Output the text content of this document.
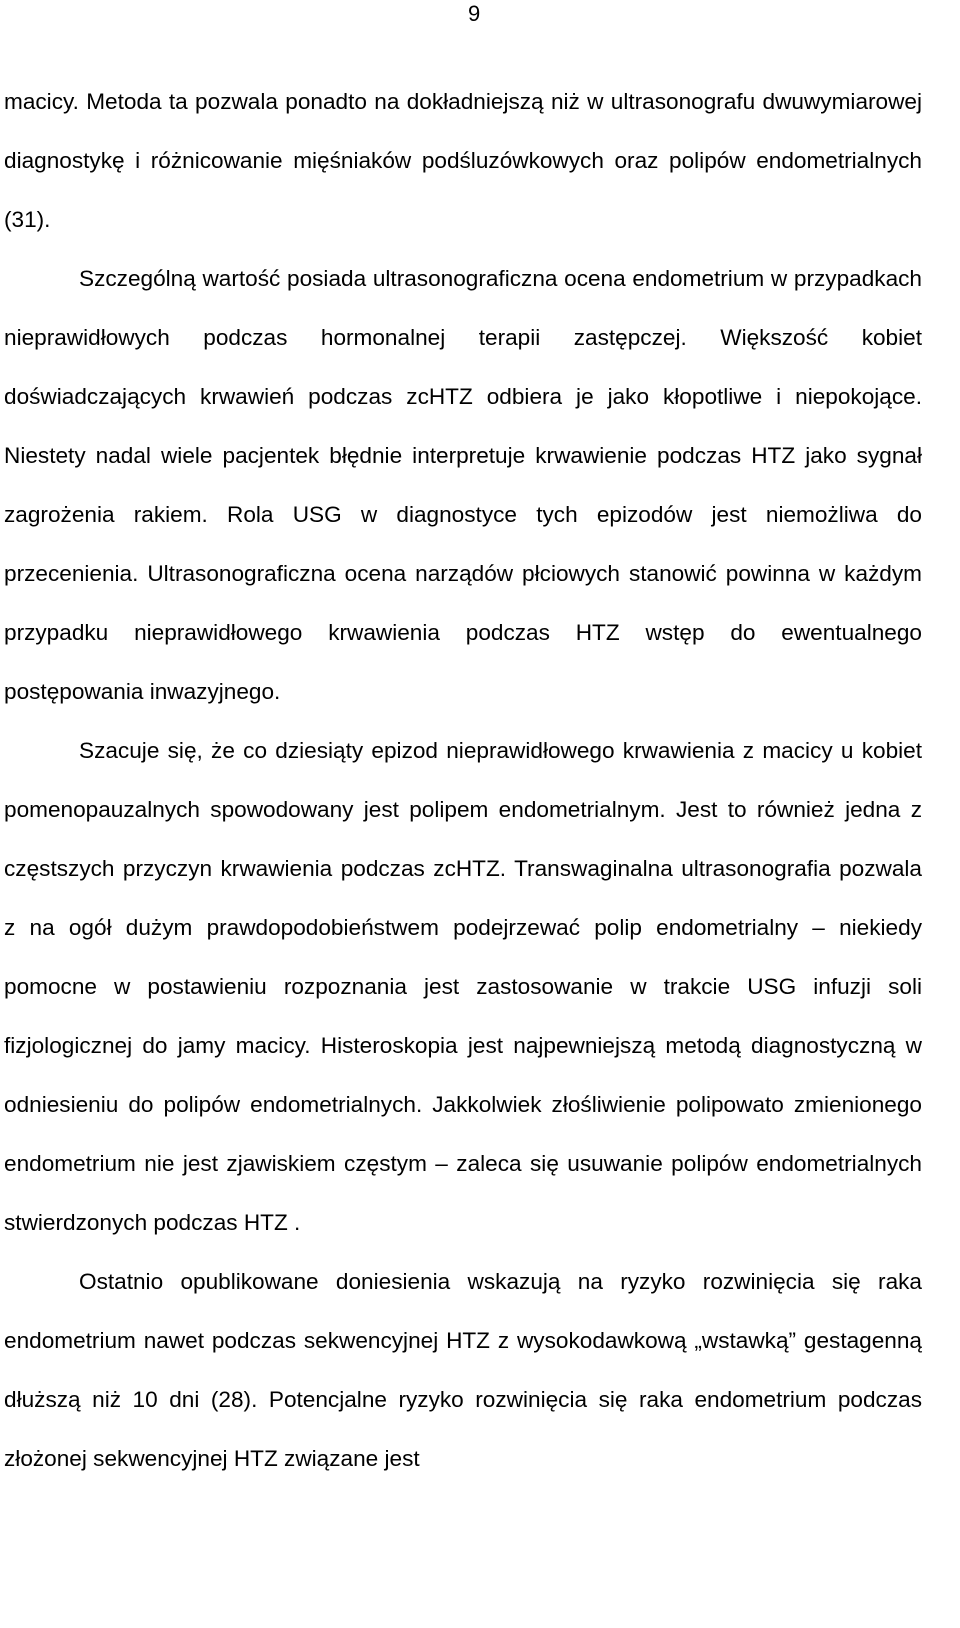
9

macicy. Metoda ta pozwala ponadto na dokładniejszą niż w ultrasonografu dwuwymiarowej diagnostykę i różnicowanie mięśniaków podśluzówkowych oraz polipów endometrialnych (31).

Szczególną wartość posiada ultrasonograficzna ocena endometrium w przypadkach nieprawidłowych podczas hormonalnej terapii zastępczej. Większość kobiet doświadczających krwawień podczas zcHTZ odbiera je jako kłopotliwe i niepokojące. Niestety nadal wiele pacjentek błędnie interpretuje krwawienie podczas HTZ jako sygnał zagrożenia rakiem. Rola USG w diagnostyce tych epizodów jest niemożliwa do przecenienia. Ultrasonograficzna ocena narządów płciowych stanowić powinna w każdym przypadku nieprawidłowego krwawienia podczas HTZ wstęp do ewentualnego postępowania inwazyjnego.

Szacuje się, że co dziesiąty epizod nieprawidłowego krwawienia z macicy u kobiet pomenopauzalnych spowodowany jest polipem endometrialnym. Jest to również jedna z częstszych przyczyn krwawienia podczas zcHTZ. Transwaginalna ultrasonografia pozwala z na ogół dużym prawdopodobieństwem podejrzewać polip endometrialny – niekiedy pomocne w postawieniu rozpoznania jest zastosowanie w trakcie USG infuzji soli fizjologicznej do jamy macicy. Histeroskopia jest najpewniejszą metodą diagnostyczną w odniesieniu do polipów endometrialnych. Jakkolwiek złośliwienie polipowato zmienionego endometrium nie jest zjawiskiem częstym – zaleca się usuwanie polipów endometrialnych stwierdzonych podczas HTZ .

Ostatnio opublikowane doniesienia wskazują na ryzyko rozwinięcia się raka endometrium nawet podczas sekwencyjnej HTZ z wysokodawkową „wstawką” gestagenną dłuższą niż 10 dni (28). Potencjalne ryzyko rozwinięcia się raka endometrium podczas złożonej sekwencyjnej HTZ związane jest
